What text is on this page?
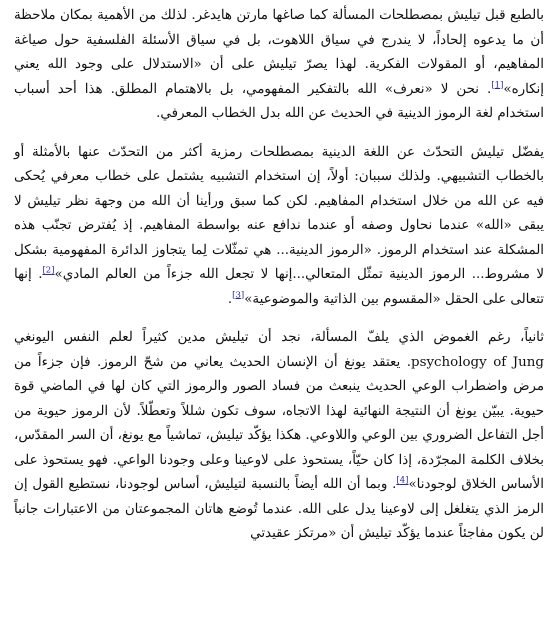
بالطبع قبل تيليش بمصطلحات المسألة كما صاغها مارتن هايدغر. لذلك من الأهمية بمكان ملاحظة أن ما يدعوه إلحاداً، لا يندرج في سياق اللاهوت، بل في سياق الأسئلة الفلسفية حول صياغة المفاهيم، أو المقولات الفكرية. لهذا يصرّ تيليش على أن «الاستدلال على وجود الله يعني إنكاره»[1]. نحن لا «نعرف» الله بالتفكير المفهومي، بل بالاهتمام المطلق. هذا أحد أسباب استخدام لغة الرموز الدينية في الحديث عن الله بدل الخطاب المعرفي.

يفضّل تيليش التحدّث عن اللغة الدينية بمصطلحات رمزية أكثر من التحدّث عنها بالأمثلة أو بالخطاب التشبيهي. ولذلك سببان: أولاً، إن استخدام التشبيه يشتمل على خطاب معرفي يُحكى فيه عن الله من خلال استخدام المفاهيم. لكن كما سبق ورأينا أن الله من وجهة نظر تيليش لا يبقى «الله» عندما نحاول وصفه أو عندما ندافع عنه بواسطة المفاهيم. إذ يُفترض تجنّب هذه المشكلة عند استخدام الرموز. «الرموز الدينية... هي تمثّلات لِما يتجاوز الدائرة المفهومية بشكل لا مشروط... الرموز الدينية تمثّل المتعالي...إنها لا تجعل الله جزءاً من العالم المادي»[2]. إنها تتعالى على الحقل «المقسوم بين الذاتية والموضوعية»[3].

ثانياً، رغم الغموض الذي يلفّ المسألة، نجد أن تيليش مدين كثيراً لعلم النفس اليونغي psychology of Jung. يعتقد يونغ أن الإنسان الحديث يعاني من شحّ الرموز. فإن جزءاً من مرض واضطراب الوعي الحديث ينبعث من فساد الصور والرموز التي كان لها في الماضي قوة حيوية. يبيّن يونغ أن النتيجة النهائية لهذا الاتجاه، سوف تكون شللاً وتعطّلاً. لأن الرموز حيوية من أجل التفاعل الضروري بين الوعي واللاوعي. هكذا يؤكّد تيليش، تماشياً مع يونغ، أن السر المقدّس، بخلاف الكلمة المجرّدة، إذا كان حيّاً، يستحوذ على لاوعينا وعلى وجودنا الواعي. فهو يستحوذ على الأساس الخلاق لوجودنا»[4]. وبما أن الله أيضاً بالنسبة لتيليش، أساس لوجودنا، نستطيع القول إن الرمز الذي يتغلغل إلى لاوعينا يدل على الله. عندما تُوضع هاتان المجموعتان من الاعتبارات جانباً لن يكون مفاجئاً عندما يؤكّد تيليش أن «مرتكز عقيدتي
